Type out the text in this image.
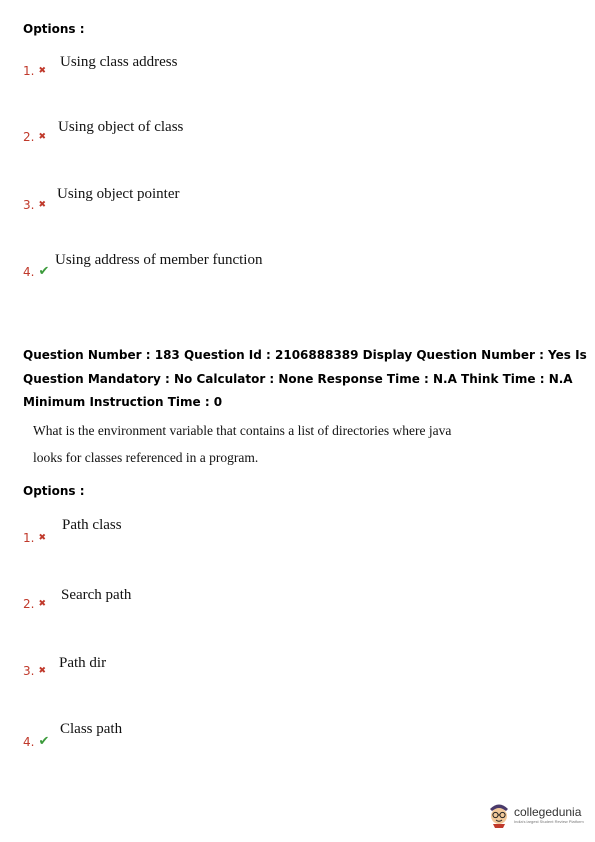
Options :
1. ✖
Using class address
2. ✖
Using object of class
3. ✖
Using object pointer
4. ✔
Using address of member function
Question Number : 183 Question Id : 2106888389 Display Question Number : Yes Is Question Mandatory : No Calculator : None Response Time : N.A Think Time : N.A Minimum Instruction Time : 0
What is the environment variable that contains a list of directories where java
looks for classes referenced in a program.
Options :
1. ✖
Path class
2. ✖
Search path
3. ✖ Path dir
4. ✔
Class path
collegedunia
India's largest Student Review Platform
